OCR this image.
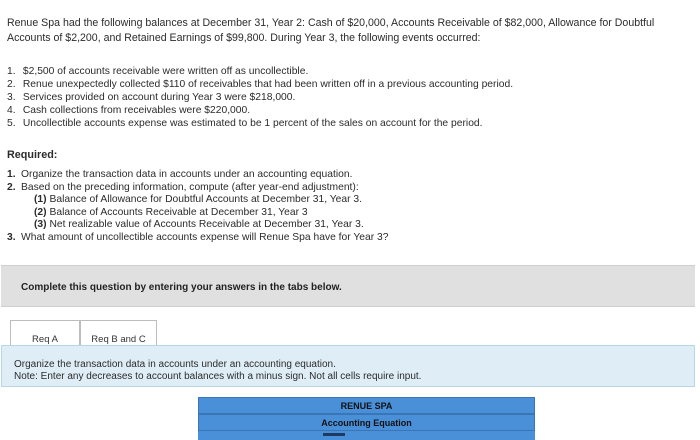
Renue Spa had the following balances at December 31, Year 2: Cash of $20,000, Accounts Receivable of $82,000, Allowance for Doubtful Accounts of $2,200, and Retained Earnings of $99,800. During Year 3, the following events occurred:
1. $2,500 of accounts receivable were written off as uncollectible.
2. Renue unexpectedly collected $110 of receivables that had been written off in a previous accounting period.
3. Services provided on account during Year 3 were $218,000.
4. Cash collections from receivables were $220,000.
5. Uncollectible accounts expense was estimated to be 1 percent of the sales on account for the period.
Required:
1. Organize the transaction data in accounts under an accounting equation.
2. Based on the preceding information, compute (after year-end adjustment):
(1) Balance of Allowance for Doubtful Accounts at December 31, Year 3.
(2) Balance of Accounts Receivable at December 31, Year 3
(3) Net realizable value of Accounts Receivable at December 31, Year 3.
3. What amount of uncollectible accounts expense will Renue Spa have for Year 3?
Complete this question by entering your answers in the tabs below.
Req A	Req B and C
Organize the transaction data in accounts under an accounting equation.
Note: Enter any decreases to account balances with a minus sign. Not all cells require input.
RENUE SPA
Accounting Equation
